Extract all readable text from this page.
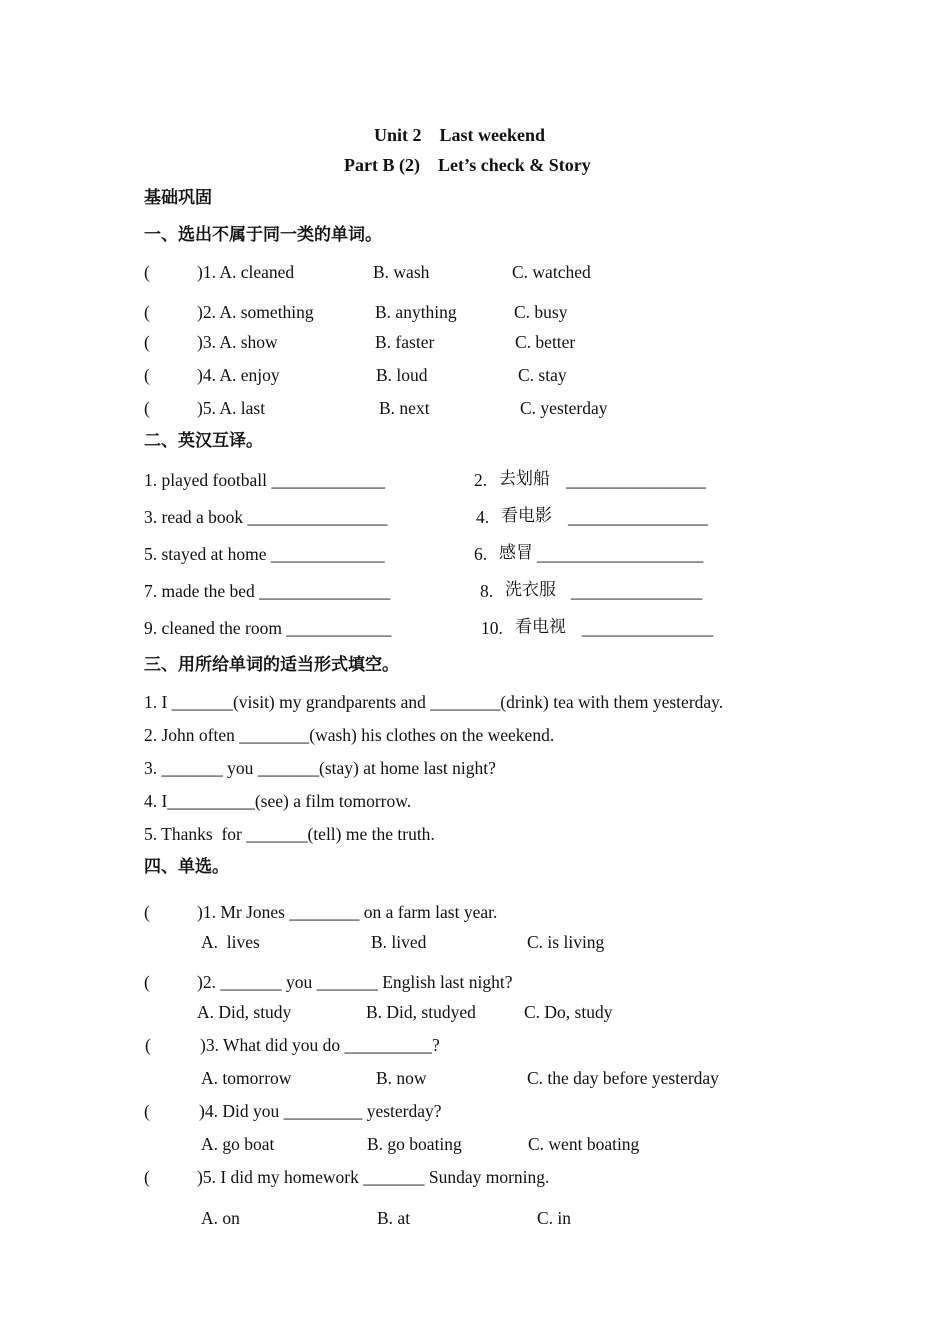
Unit 2    Last weekend
Part B (2)    Let’s check & Story
基础巩固
一、选出不属于同一类的单词。
(	)1. A. cleaned	B. wash	C. watched
(	)2. A. something	B. anything	C. busy
(	)3. A. show	B. faster	C. better
(	)4. A. enjoy	B. loud	C. stay
(	)5. A. last	B. next	C. yesterday
二、英汉互译。
1. played football _____________	2. 去划船 ________________
3. read a book ________________	4. 看电影 ________________
5. stayed at home _____________	6. 感冒 ___________________
7. made the bed _______________	8. 洗衣服 _______________
9. cleaned the room ____________	10. 看电视 _______________
三、用所给单词的适当形式填空。
1. I _______(visit) my grandparents and ________(drink) tea with them yesterday.
2. John often ________(wash) his clothes on the weekend.
3. _______ you _______(stay) at home last night?
4. I__________(see) a film tomorrow.
5. Thanks  for _______(tell) me the truth.
四、单选。
(	)1. Mr Jones ________ on a farm last year.
A.  lives	B. lived	C. is living
(	)2. _______ you _______ English last night?
A. Did, study	B. Did, studyed	C. Do, study
(	)3. What did you do __________?
A. tomorrow	B. now	C. the day before yesterday
(	)4. Did you _________ yesterday?
A. go boat	B. go boating	C. went boating
(	)5. I did my homework _______ Sunday morning.
A. on	B. at	C. in
